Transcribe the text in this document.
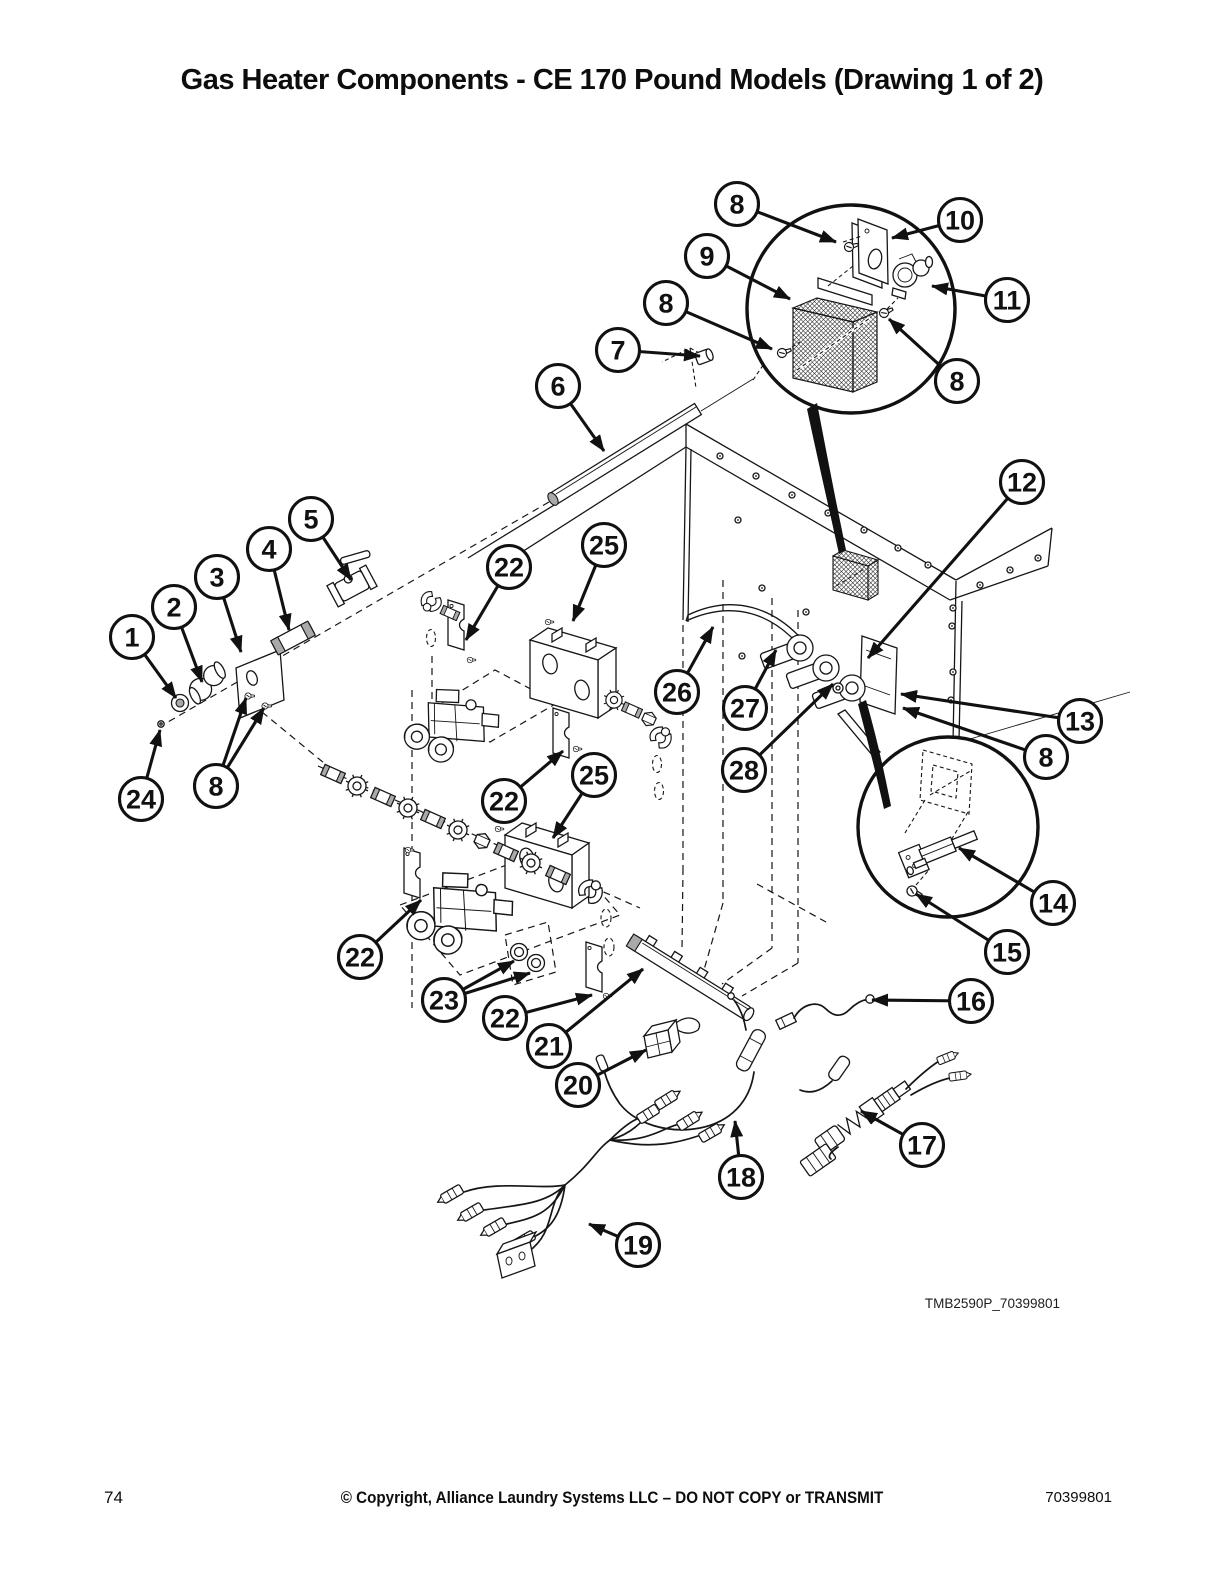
Gas Heater Components - CE 170 Pound Models (Drawing 1 of 2)
1
2
3
4
5
6
7
8
9
10
11
8
8
12
25
22
26
27
28
13
8
24 8	22
25
22
23
22
21
20
14
15
16
17
18
19
TMB2590P_70399801
74	© Copyright, Alliance Laundry Systems LLC – DO NOT COPY or TRANSMIT	70399801
